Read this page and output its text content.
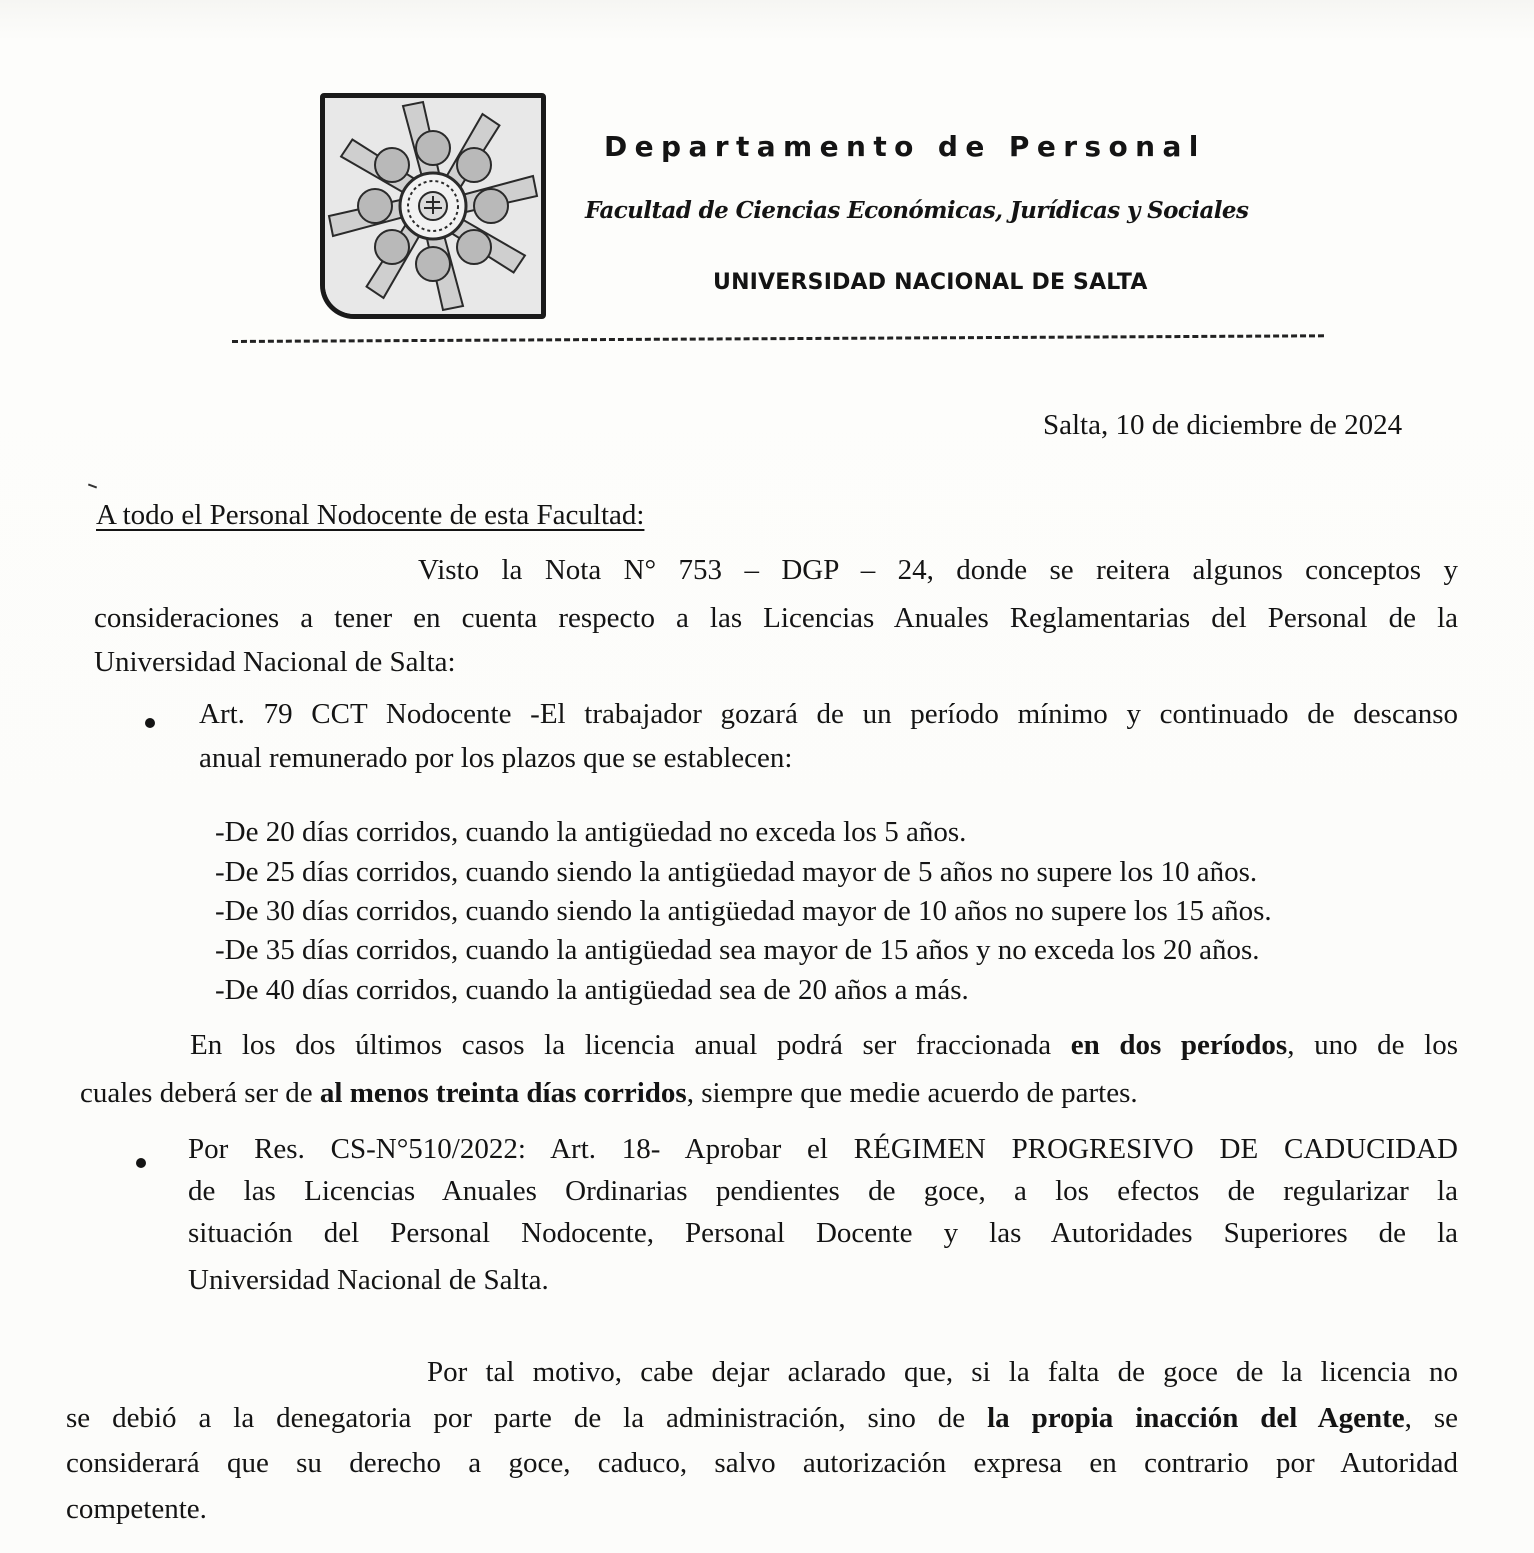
Departamento de Personal
Facultad de Ciencias Económicas, Jurídicas y Sociales
UNIVERSIDAD NACIONAL DE SALTA
Salta, 10 de diciembre de 2024
A todo el Personal Nodocente de esta Facultad:
Visto la Nota N° 753 – DGP – 24, donde se reitera algunos conceptos y
consideraciones a tener en cuenta respecto a las Licencias Anuales Reglamentarias del Personal de la
Universidad Nacional de Salta:
Art. 79 CCT Nodocente -El trabajador gozará de un período mínimo y continuado de descanso
anual remunerado por los plazos que se establecen:
-De 20 días corridos, cuando la antigüedad no exceda los 5 años.
-De 25 días corridos, cuando siendo la antigüedad mayor de 5 años no supere los 10 años.
-De 30 días corridos, cuando siendo la antigüedad mayor de 10 años no supere los 15 años.
-De 35 días corridos, cuando la antigüedad sea mayor de 15 años y no exceda los 20 años.
-De 40 días corridos, cuando la antigüedad sea de 20 años a más.
En los dos últimos casos la licencia anual podrá ser fraccionada en dos períodos, uno de los
cuales deberá ser de al menos treinta días corridos, siempre que medie acuerdo de partes.
Por Res. CS-N°510/2022: Art. 18- Aprobar el RÉGIMEN PROGRESIVO DE CADUCIDAD
de las Licencias Anuales Ordinarias pendientes de goce, a los efectos de regularizar la
situación del Personal Nodocente, Personal Docente y las Autoridades Superiores de la
Universidad Nacional de Salta.
Por tal motivo, cabe dejar aclarado que, si la falta de goce de la licencia no
se debió a la denegatoria por parte de la administración, sino de la propia inacción del Agente, se
considerará que su derecho a goce, caduco, salvo autorización expresa en contrario por Autoridad
competente.
